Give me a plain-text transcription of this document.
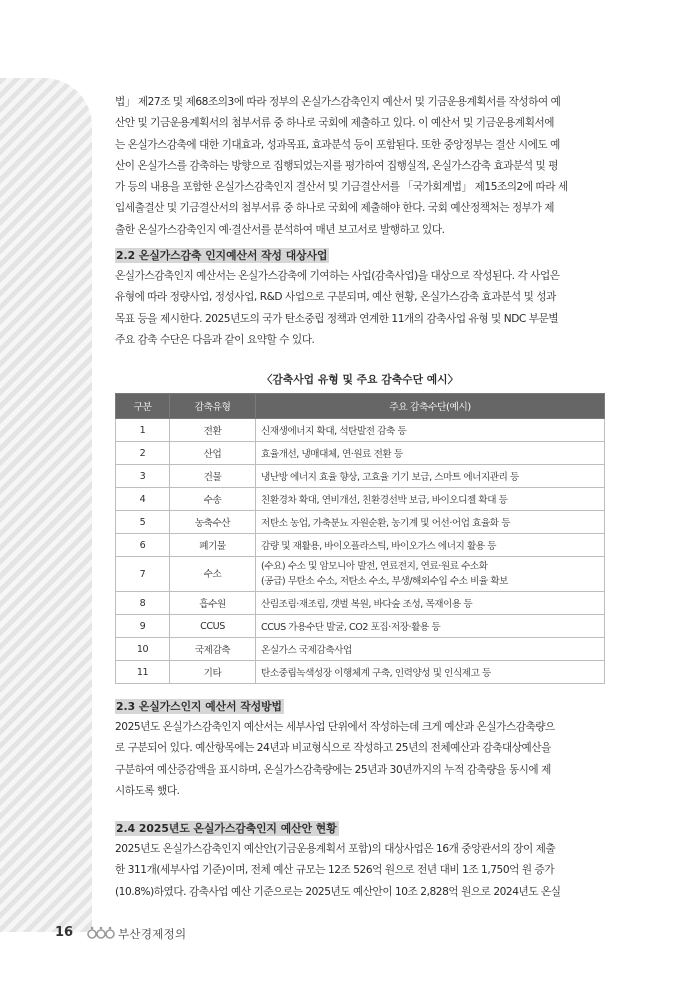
법」 제27조 및 제68조의3에 따라 정부의 온실가스감축인지 예산서 및 기금운용계획서를 작성하여 예

산안 및 기금운용계획서의 첨부서류 중 하나로 국회에 제출하고 있다. 이 예산서 및 기금운용계획서에

는 온실가스감축에 대한 기대효과, 성과목표, 효과분석 등이 포함된다. 또한 중앙정부는 결산 시에도 예

산이 온실가스를 감축하는 방향으로 집행되었는지를 평가하여 집행실적, 온실가스감축 효과분석 및 평

가 등의 내용을 포함한 온실가스감축인지 결산서 및 기금결산서를 「국가회계법」 제15조의2에 따라 세

입세출결산 및 기금결산서의 첨부서류 중 하나로 국회에 제출해야 한다. 국회 예산정책처는 정부가 제

출한 온실가스감축인지 예·결산서를 분석하여 매년 보고서로 발행하고 있다.

2.2 온실가스감축 인지예산서 작성 대상사업

온실가스감축인지 예산서는 온실가스감축에 기여하는 사업(감축사업)을 대상으로 작성된다. 각 사업은

유형에 따라 정량사업, 정성사업, R&D 사업으로 구분되며, 예산 현황, 온실가스감축 효과분석 및 성과

목표 등을 제시한다. 2025년도의 국가 탄소중립 정책과 연계한 11개의 감축사업 유형 및 NDC 부문별

주요 감축 수단은 다음과 같이 요약할 수 있다.

〈감축사업 유형 및 주요 감축수단 예시〉
구분	감축유형	주요 감축수단(예시)
1	전환	신재생에너지 확대, 석탄발전 감축 등
2	산업	효율개선, 냉매대체, 연·원료 전환 등
3	건물	냉난방 에너지 효율 향상, 고효율 기기 보급, 스마트 에너지관리 등
4	수송	친환경차 확대, 연비개선, 친환경선박 보급, 바이오디젤 확대 등
5	농축수산	저탄소 농업, 가축분뇨 자원순환, 농기계 및 어선·어업 효율화 등
6	폐기물	감량 및 재활용, 바이오플라스틱, 바이오가스 에너지 활용 등
7	수소	(수요) 수소 및 암모니아 발전, 연료전지, 연료·원료 수소화
(공급) 무탄소 수소, 저탄소 수소, 부생/해외수입 수소 비율 확보

8	흡수원	산림조림·재조림, 갯벌 복원, 바다숲 조성, 목재이용 등
9	CCUS	CCUS 가용수단 발굴, CO2 포집·저장·활용 등
10	국제감축	온실가스 국제감축사업
11	기타	탄소중립녹색성장 이행체계 구축, 인력양성 및 인식제고 등

2.3 온실가스인지 예산서 작성방법

2025년도 온실가스감축인지 예산서는 세부사업 단위에서 작성하는데 크게 예산과 온실가스감축량으

로 구분되어 있다. 예산항목에는 24년과 비교형식으로 작성하고 25년의 전체예산과 감축대상예산을

구분하여 예산증감액을 표시하며, 온실가스감축량에는 25년과 30년까지의 누적 감축량을 동시에 제

시하도록 했다.

2.4 2025년도 온실가스감축인지 예산안 현황

2025년도 온실가스감축인지 예산안(기금운용계획서 포함)의 대상사업은 16개 중앙관서의 장이 제출

한 311개(세부사업 기준)이며, 전체 예산 규모는 12조 526억 원으로 전년 대비 1조 1,750억 원 증가

(10.8%)하였다. 감축사업 예산 기준으로는 2025년도 예산안이 10조 2,828억 원으로 2024년도 온실

16	부산경제정의
